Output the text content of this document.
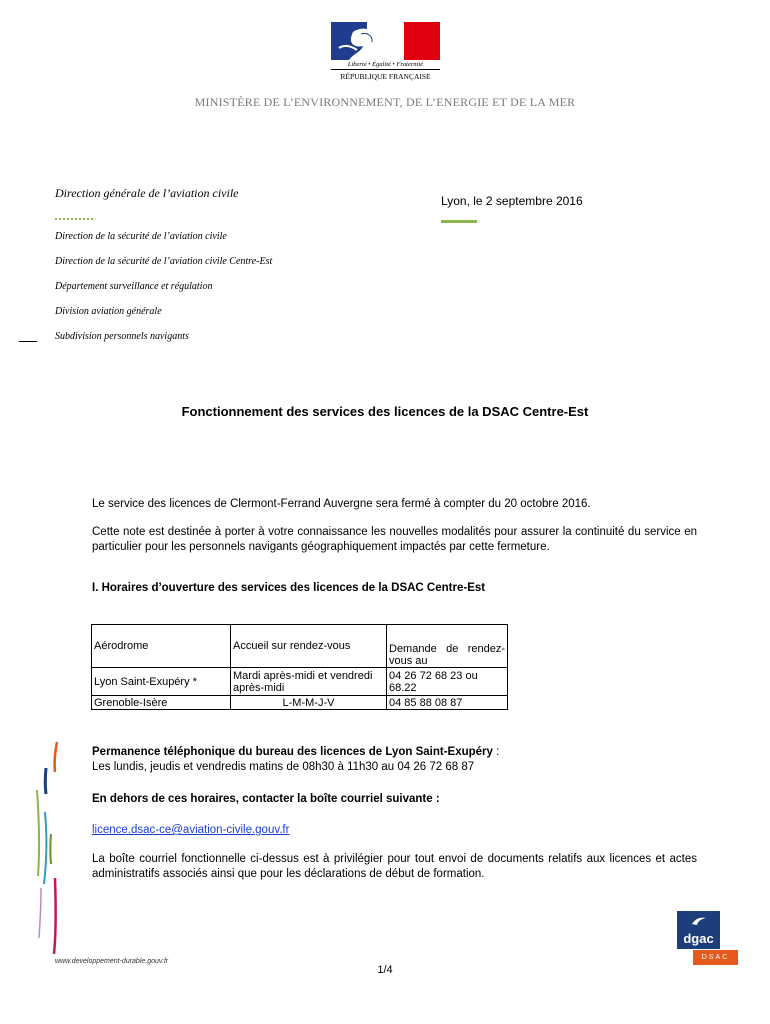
Liberté • Égalité • Fraternité
RÉPUBLIQUE FRANÇAISE
MINISTÈRE DE L’ENVIRONNEMENT, DE L’ENERGIE ET DE LA MER
Direction générale de l’aviation civile
Direction de la sécurité de l’aviation civile
Direction de la sécurité de l’aviation civile Centre-Est
Département surveillance et régulation
Division aviation générale
Subdivision personnels navigants
Lyon, le 2 septembre 2016
Fonctionnement des services des licences de la DSAC Centre-Est
Le service des licences de Clermont-Ferrand Auvergne sera fermé à compter du 20 octobre 2016.
Cette note est destinée à porter à votre connaissance les nouvelles modalités pour assurer la continuité du service en particulier pour les personnels navigants géographiquement impactés par cette fermeture.
I. Horaires d’ouverture des services des licences de la DSAC Centre-Est
Aérodrome	Accueil sur rendez-vous	Demande de rendez-vous au
Lyon Saint-Exupéry *	Mardi après-midi et vendredi après-midi	04 26 72 68 23 ou 68.22
Grenoble-Isère	L-M-M-J-V	04 85 88 08 87
Permanence téléphonique du bureau des licences de Lyon Saint-Exupéry :
Les lundis, jeudis et vendredis matins de 08h30 à 11h30 au 04 26 72 68 87
En dehors de ces horaires, contacter la boîte courriel suivante :
licence.dsac-ce@aviation-civile.gouv.fr
La boîte courriel fonctionnelle ci-dessus est à privilégier pour tout envoi de documents relatifs aux licences et actes administratifs associés ainsi que pour les déclarations de début de formation.
www.developpement-durable.gouv.fr
1/4
dgac
DSAC
